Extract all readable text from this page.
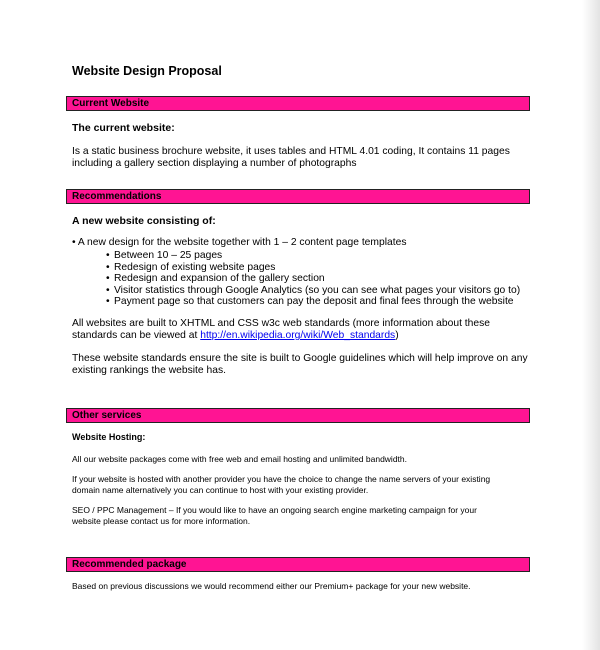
Website Design Proposal
Current Website
The current website:
Is a static business brochure website, it uses tables and HTML 4.01 coding, It contains 11 pages
including a gallery section displaying a number of photographs
Recommendations
A new website consisting of:
• A new design for the website together with 1 – 2 content page templates
• Between 10 – 25 pages
• Redesign of existing website pages
• Redesign and expansion of the gallery section
• Visitor statistics through Google Analytics (so you can see what pages your visitors go to)
• Payment page so that customers can pay the deposit and final fees through the website
All websites are built to XHTML and CSS w3c web standards (more information about these
standards can be viewed at http://en.wikipedia.org/wiki/Web_standards)
These website standards ensure the site is built to Google guidelines which will help improve on any
existing rankings the website has.
Other services
Website Hosting:
All our website packages come with free web and email hosting and unlimited bandwidth.
If your website is hosted with another provider you have the choice to change the name servers of your existing
domain name alternatively you can continue to host with your existing provider.
SEO / PPC Management – If you would like to have an ongoing search engine marketing campaign for your
website please contact us for more information.
Recommended package
Based on previous discussions we would recommend either our Premium+ package for your new website.
